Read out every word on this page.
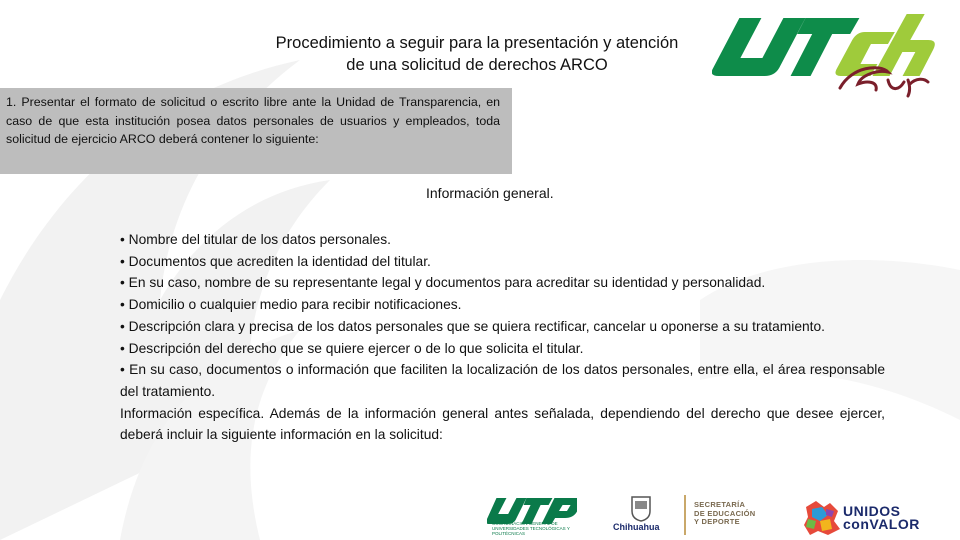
Procedimiento a seguir para la presentación y atención
de una solicitud de derechos ARCO
1. Presentar el formato de solicitud o escrito libre ante la Unidad de Transparencia, en caso de que esta institución posea datos personales de usuarios y empleados, toda solicitud de ejercicio ARCO deberá contener lo siguiente:
Información general.

• Nombre del titular de los datos personales.

• Documentos que acrediten la identidad del titular.

• En su caso, nombre de su representante legal y documentos para acreditar su identidad y personalidad.

• Domicilio o cualquier medio para recibir notificaciones.

• Descripción clara y precisa de los datos personales que se quiera rectificar, cancelar u oponerse a su tratamiento.

• Descripción del derecho que se quiere ejercer o de lo que solicita el titular.

• En su caso, documentos o información que faciliten la localización de los datos personales, entre ella, el área responsable del tratamiento.

Información específica. Además de la información general antes señalada, dependiendo del derecho que desee ejercer, deberá incluir la siguiente información en la solicitud:

COORDINACIÓN GENERAL DE UNIVERSIDADES TECNOLÓGICAS Y POLITÉCNICAS
Chihuahua
SECRETARÍA
DE EDUCACIÓN
Y DEPORTE
UNIDOS
conVALOR
